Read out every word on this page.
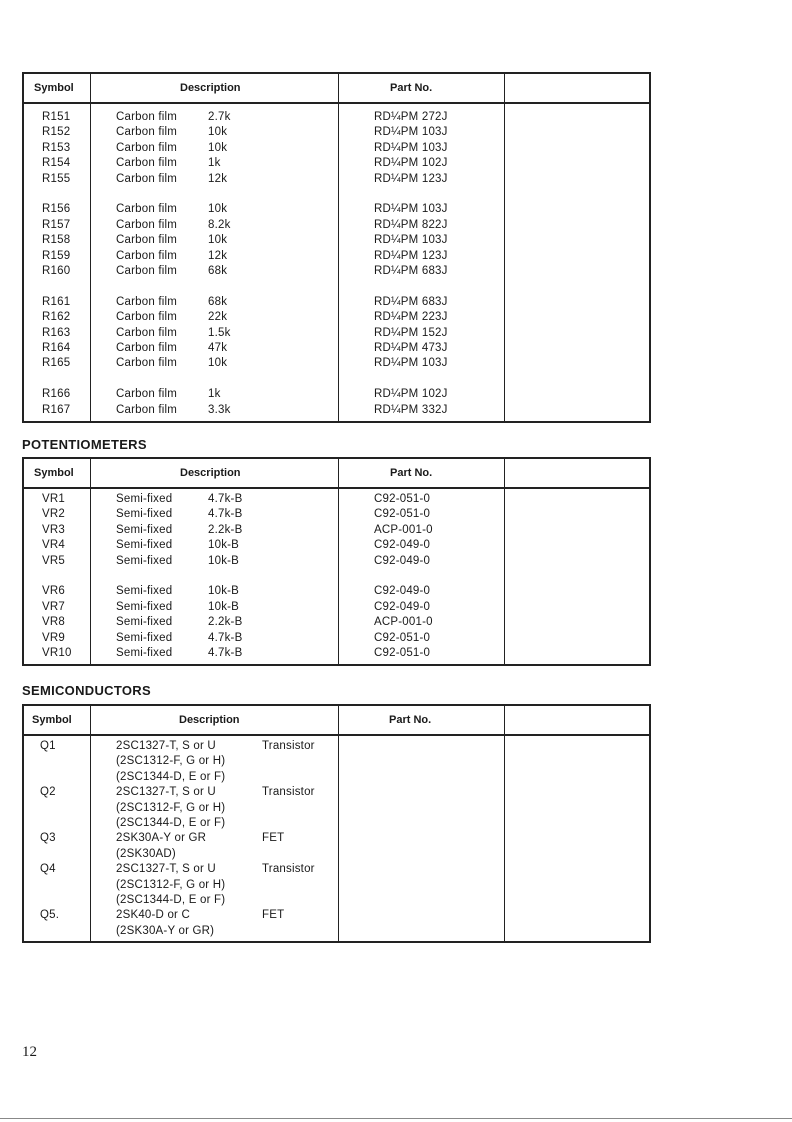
Symbol	Description	Part No.
R151	Carbon film	2.7k	RD¼PM 272J
R152	Carbon film	10k	RD¼PM 103J
R153	Carbon film	10k	RD¼PM 103J
R154	Carbon film	1k	RD¼PM 102J
R155	Carbon film	12k	RD¼PM 123J
R156	Carbon film	10k	RD¼PM 103J
R157	Carbon film	8.2k	RD¼PM 822J
R158	Carbon film	10k	RD¼PM 103J
R159	Carbon film	12k	RD¼PM 123J
R160	Carbon film	68k	RD¼PM 683J
R161	Carbon film	68k	RD¼PM 683J
R162	Carbon film	22k	RD¼PM 223J
R163	Carbon film	1.5k	RD¼PM 152J
R164	Carbon film	47k	RD¼PM 473J
R165	Carbon film	10k	RD¼PM 103J
R166	Carbon film	1k	RD¼PM 102J
R167	Carbon film	3.3k	RD¼PM 332J
POTENTIOMETERS
Symbol	Description	Part No.
VR1	Semi-fixed	4.7k-B	C92-051-0
VR2	Semi-fixed	4.7k-B	C92-051-0
VR3	Semi-fixed	2.2k-B	ACP-001-0
VR4	Semi-fixed	10k-B	C92-049-0
VR5	Semi-fixed	10k-B	C92-049-0
VR6	Semi-fixed	10k-B	C92-049-0
VR7	Semi-fixed	10k-B	C92-049-0
VR8	Semi-fixed	2.2k-B	ACP-001-0
VR9	Semi-fixed	4.7k-B	C92-051-0
VR10	Semi-fixed	4.7k-B	C92-051-0
SEMICONDUCTORS
Symbol	Description	Part No.
Q1	2SC1327-T, S or U	Transistor
(2SC1312-F, G or H)
(2SC1344-D, E or F)
Q2	2SC1327-T, S or U	Transistor
(2SC1312-F, G or H)
(2SC1344-D, E or F)
Q3	2SK30A-Y or GR	FET
(2SK30AD)
Q4	2SC1327-T, S or U	Transistor
(2SC1312-F, G or H)
(2SC1344-D, E or F)
Q5.	2SK40-D or C	FET
(2SK30A-Y or GR)
12
